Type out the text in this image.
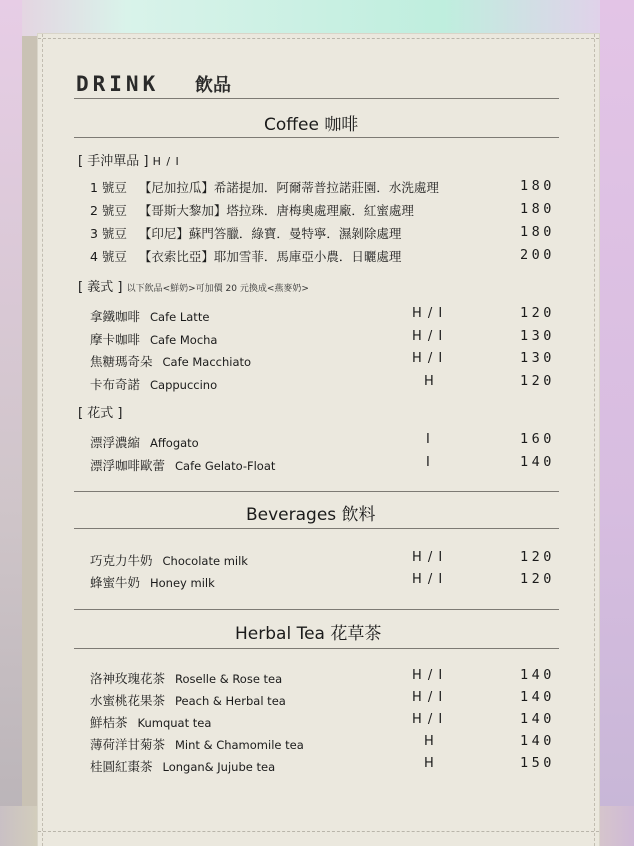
DRINK 飲品
Coffee 咖啡
[ 手沖單品 ] H / I
1 號豆 【尼加拉瓜】希諾提加．阿爾蒂普拉諾莊園．水洗處理	180
2 號豆 【哥斯大黎加】塔拉珠．唐梅奧處理廠．紅蜜處理	180
3 號豆 【印尼】蘇門答臘．綠寶．曼特寧．濕剝除處理	180
4 號豆 【衣索比亞】耶加雪菲．馬庫亞小農．日曬處理	200
[ 義式 ] 以下飲品<鮮奶>可加價 20 元換成<燕麥奶>
拿鐵咖啡 Cafe Latte	H / I	120
摩卡咖啡 Cafe Mocha	H / I	130
焦糖瑪奇朵 Cafe Macchiato	H / I	130
卡布奇諾 Cappuccino	H	120
[ 花式 ]
漂浮濃縮 Affogato	I	160
漂浮咖啡歐蕾 Cafe Gelato-Float	I	140
Beverages 飲料
巧克力牛奶 Chocolate milk	H / I	120
蜂蜜牛奶 Honey milk	H / I	120
Herbal Tea 花草茶
洛神玫瑰花茶 Roselle & Rose tea	H / I	140
水蜜桃花果茶 Peach & Herbal tea	H / I	140
鮮桔茶 Kumquat tea	H / I	140
薄荷洋甘菊茶 Mint & Chamomile tea	H	140
桂圓紅棗茶 Longan& Jujube tea	H	150
